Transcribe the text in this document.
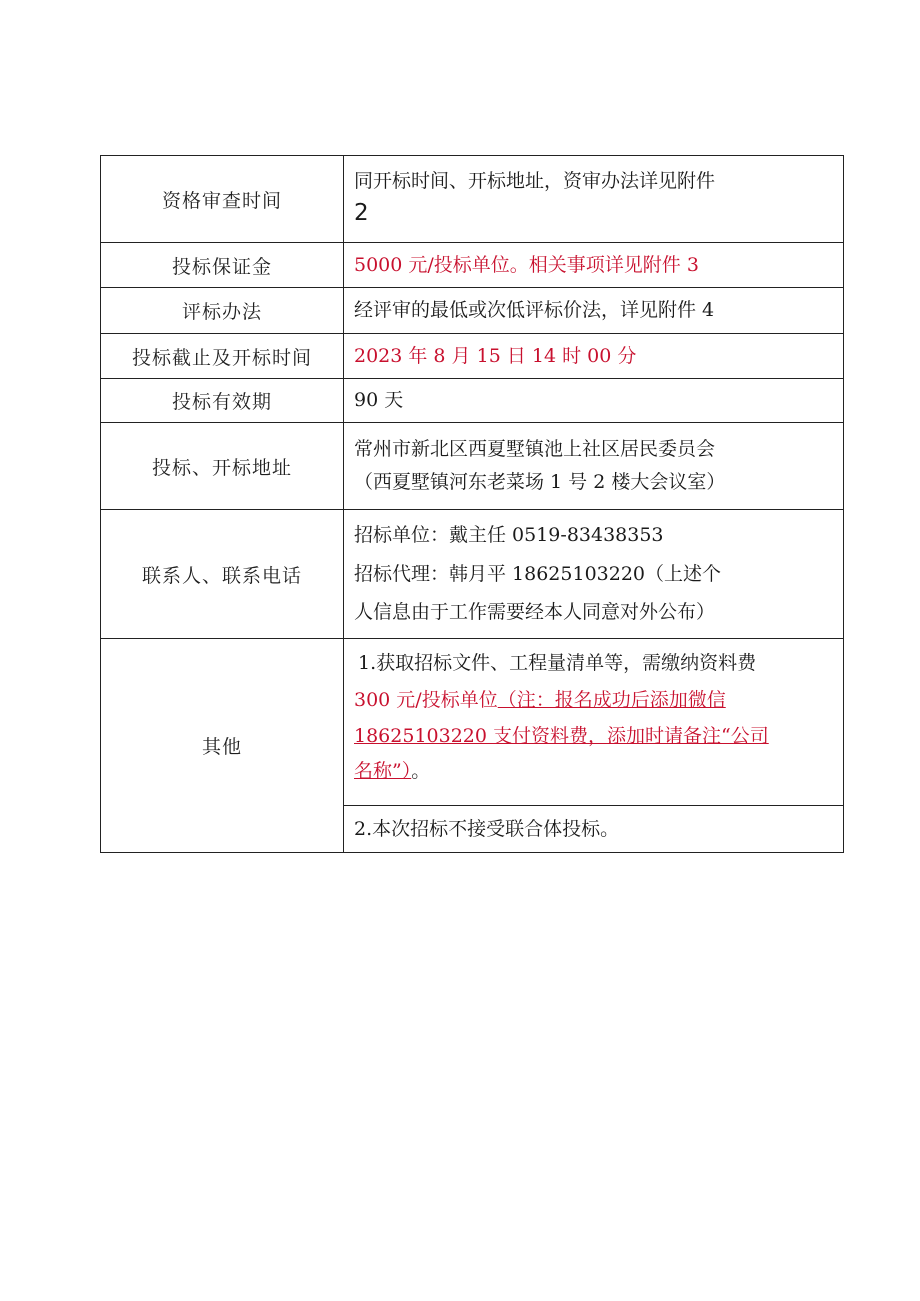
资格审查时间	同开标时间、开标地址，资审办法详见附件
2

投标保证金	5000 元/投标单位。相关事项详见附件 3
评标办法	经评审的最低或次低评标价法，详见附件 4
投标截止及开标时间	2023 年 8 月 15 日 14 时 00 分
投标有效期	90 天
投标、开标地址	常州市新北区西夏墅镇池上社区居民委员会
（西夏墅镇河东老菜场 1 号 2 楼大会议室）

联系人、联系电话	招标单位：戴主任 0519-83438353
招标代理：韩月平 18625103220（上述个
人信息由于工作需要经本人同意对外公布）

其他	1.获取招标文件、工程量清单等，需缴纳资料费
300 元/投标单位（注：报名成功后添加微信
18625103220 支付资料费，添加时请备注“公司
名称”）。
2.本次招标不接受联合体投标。
